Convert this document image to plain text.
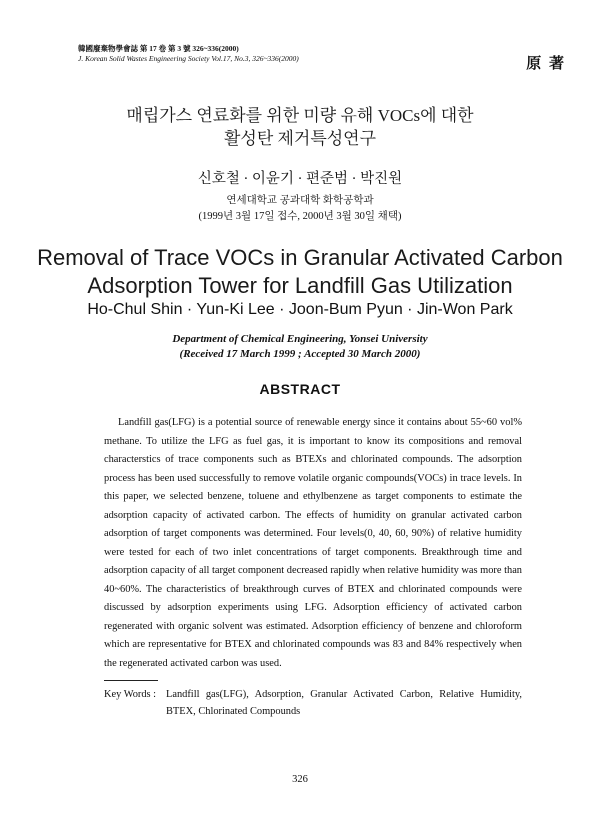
韓國廢棄物學會誌 第 17 卷 第 3 號 326~336(2000)
J. Korean Solid Wastes Engineering Society Vol.17, No.3, 326~336(2000)	原 著
매립가스 연료화를 위한 미량 유해 VOCs에 대한
활성탄 제거특성연구
신호철 · 이윤기 · 편준범 · 박진원
연세대학교 공과대학 화학공학과
(1999년 3월 17일 접수, 2000년 3월 30일 채택)
Removal of Trace VOCs in Granular Activated Carbon
Adsorption Tower for Landfill Gas Utilization
Ho-Chul Shin · Yun-Ki Lee · Joon-Bum Pyun · Jin-Won Park
Department of Chemical Engineering, Yonsei University
(Received 17 March 1999 ; Accepted 30 March 2000)
ABSTRACT
Landfill gas(LFG) is a potential source of renewable energy since it contains about 55~60 vol% methane. To utilize the LFG as fuel gas, it is important to know its compositions and removal characterstics of trace components such as BTEXs and chlorinated compounds. The adsorption process has been used successfully to remove volatile organic compounds(VOCs) in trace levels. In this paper, we selected benzene, toluene and ethylbenzene as target components to estimate the adsorption capacity of activated carbon. The effects of humidity on granular activated carbon adsorption of target components was determined. Four levels(0, 40, 60, 90%) of relative humidity were tested for each of two inlet concentrations of target components. Breakthrough time and adsorption capacity of all target component decreased rapidly when relative humidity was more than 40~60%. The characteristics of breakthrough curves of BTEX and chlorinated compounds were discussed by adsorption experiments using LFG. Adsorption efficiency of activated carbon regenerated with organic solvent was estimated. Adsorption efficiency of benzene and chloroform which are representative for BTEX and chlorinated compounds was 83 and 84% respectively when the regenerated activated carbon was used.
Key Words : Landfill gas(LFG), Adsorption, Granular Activated Carbon, Relative Humidity, BTEX, Chlorinated Compounds
326
